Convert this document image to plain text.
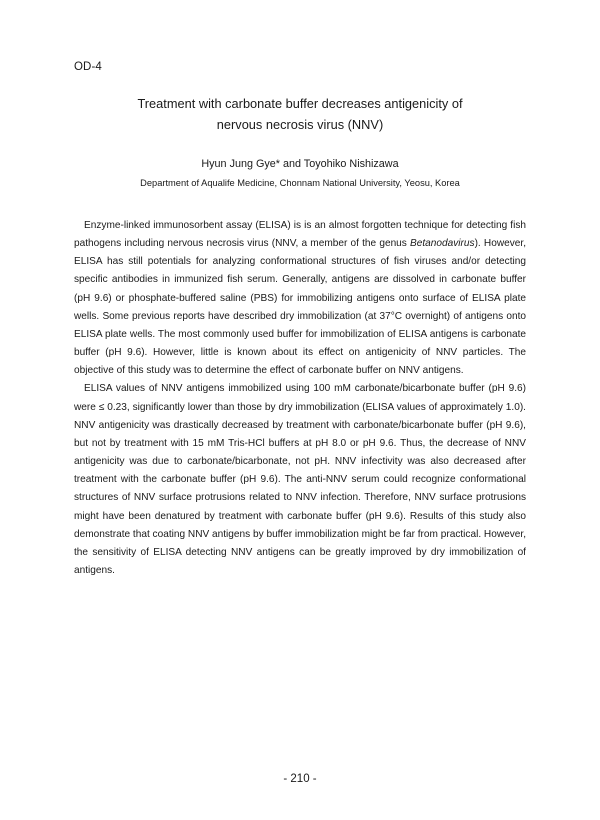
OD-4
Treatment with carbonate buffer decreases antigenicity of
nervous necrosis virus (NNV)
Hyun Jung Gye* and Toyohiko Nishizawa
Department of Aqualife Medicine, Chonnam National University, Yeosu, Korea

Enzyme-linked immunosorbent assay (ELISA) is is an almost forgotten technique for detecting fish pathogens including nervous necrosis virus (NNV, a member of the genus Betanodavirus). However, ELISA has still potentials for analyzing conformational structures of fish viruses and/or detecting specific antibodies in immunized fish serum. Generally, antigens are dissolved in carbonate buffer (pH 9.6) or phosphate-buffered saline (PBS) for immobilizing antigens onto surface of ELISA plate wells. Some previous reports have described dry immobilization (at 37°C overnight) of antigens onto ELISA plate wells. The most commonly used buffer for immobilization of ELISA antigens is carbonate buffer (pH 9.6). However, little is known about its effect on antigenicity of NNV particles. The objective of this study was to determine the effect of carbonate buffer on NNV antigens.

ELISA values of NNV antigens immobilized using 100 mM carbonate/bicarbonate buffer (pH 9.6) were ≤ 0.23, significantly lower than those by dry immobilization (ELISA values of approximately 1.0). NNV antigenicity was drastically decreased by treatment with carbonate/bicarbonate buffer (pH 9.6), but not by treatment with 15 mM Tris-HCl buffers at pH 8.0 or pH 9.6. Thus, the decrease of NNV antigenicity was due to carbonate/bicarbonate, not pH. NNV infectivity was also decreased after treatment with the carbonate buffer (pH 9.6). The anti-NNV serum could recognize conformational structures of NNV surface protrusions related to NNV infection. Therefore, NNV surface protrusions might have been denatured by treatment with carbonate buffer (pH 9.6). Results of this study also demonstrate that coating NNV antigens by buffer immobilization might be far from practical. However, the sensitivity of ELISA detecting NNV antigens can be greatly improved by dry immobilization of antigens.

- 210 -
